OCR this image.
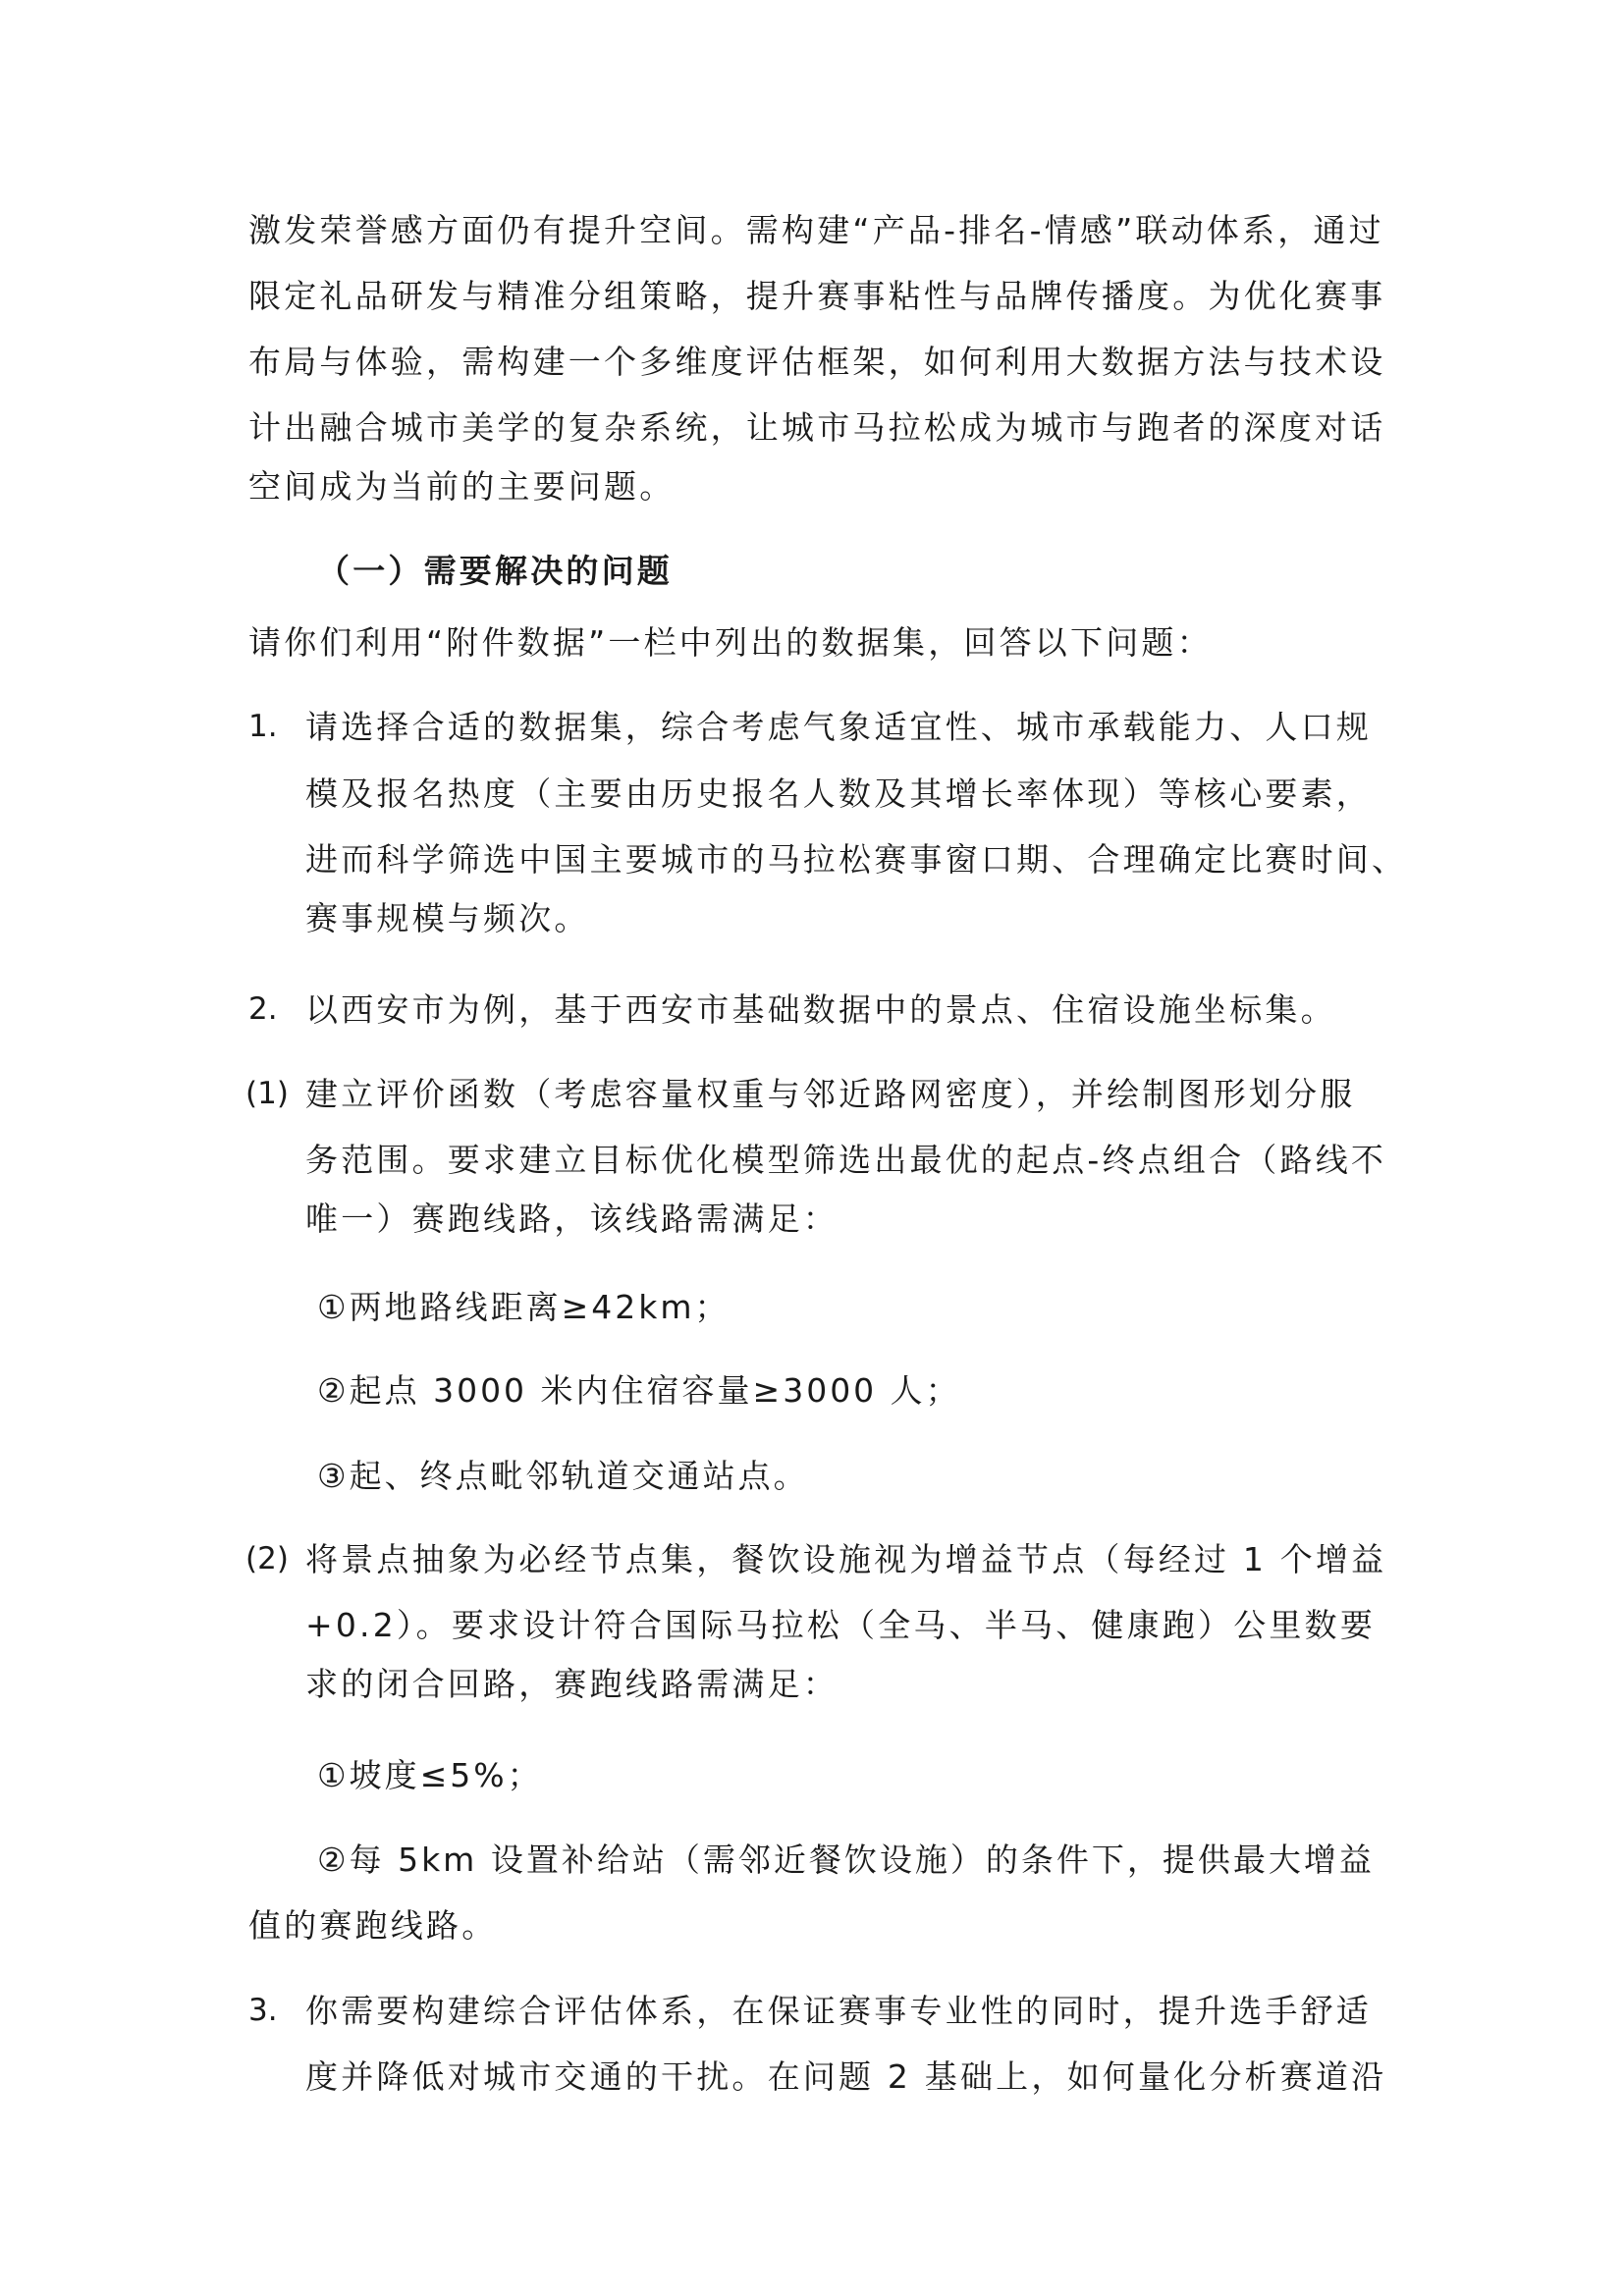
激发荣誉感方面仍有提升空间。需构建“产品-排名-情感”联动体系，通过

限定礼品研发与精准分组策略，提升赛事粘性与品牌传播度。为优化赛事

布局与体验，需构建一个多维度评估框架，如何利用大数据方法与技术设

计出融合城市美学的复杂系统，让城市马拉松成为城市与跑者的深度对话

空间成为当前的主要问题。

（一）需要解决的问题

请你们利用“附件数据”一栏中列出的数据集，回答以下问题：

1. 请选择合适的数据集，综合考虑气象适宜性、城市承载能力、人口规

模及报名热度（主要由历史报名人数及其增长率体现）等核心要素，

进而科学筛选中国主要城市的马拉松赛事窗口期、合理确定比赛时间、

赛事规模与频次。

2. 以西安市为例，基于西安市基础数据中的景点、住宿设施坐标集。

(1) 建立评价函数（考虑容量权重与邻近路网密度），并绘制图形划分服

务范围。要求建立目标优化模型筛选出最优的起点-终点组合（路线不

唯一）赛跑线路，该线路需满足：

①两地路线距离≥42km；

②起点 3000 米内住宿容量≥3000 人；

③起、终点毗邻轨道交通站点。

(2) 将景点抽象为必经节点集，餐饮设施视为增益节点（每经过 1 个增益

+0.2）。要求设计符合国际马拉松（全马、半马、健康跑）公里数要

求的闭合回路，赛跑线路需满足：

①坡度≤5%；

②每 5km 设置补给站（需邻近餐饮设施）的条件下，提供最大增益

值的赛跑线路。

3. 你需要构建综合评估体系，在保证赛事专业性的同时，提升选手舒适

度并降低对城市交通的干扰。在问题 2 基础上，如何量化分析赛道沿
